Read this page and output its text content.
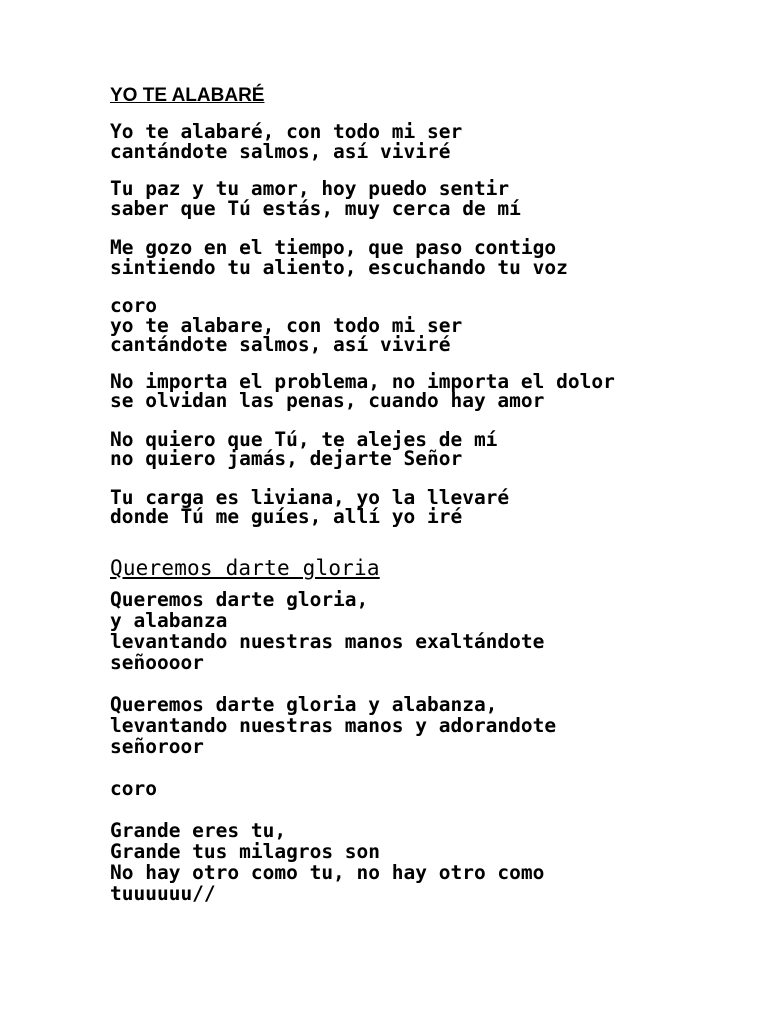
YO TE ALABARÉ
Yo te alabaré, con todo mi ser
cantándote salmos, así viviré
Tu paz y tu amor, hoy puedo sentir
saber que Tú estás, muy cerca de mí
Me gozo en el tiempo, que paso contigo
sintiendo tu aliento, escuchando tu voz
coro
yo te alabare, con todo mi ser
cantándote salmos, así viviré
No importa el problema, no importa el dolor
se olvidan las penas, cuando hay amor
No quiero que Tú, te alejes de mí
no quiero jamás, dejarte Señor
Tu carga es liviana, yo la llevaré
donde Tú me guíes, allí yo iré
Queremos darte gloria
Queremos darte gloria,
y alabanza
levantando nuestras manos exaltándote
señoooor
Queremos darte gloria y alabanza,
levantando nuestras manos y adorandote
señoroor
coro
Grande eres tu,
Grande tus milagros son
No hay otro como tu, no hay otro como
tuuuuuu//
